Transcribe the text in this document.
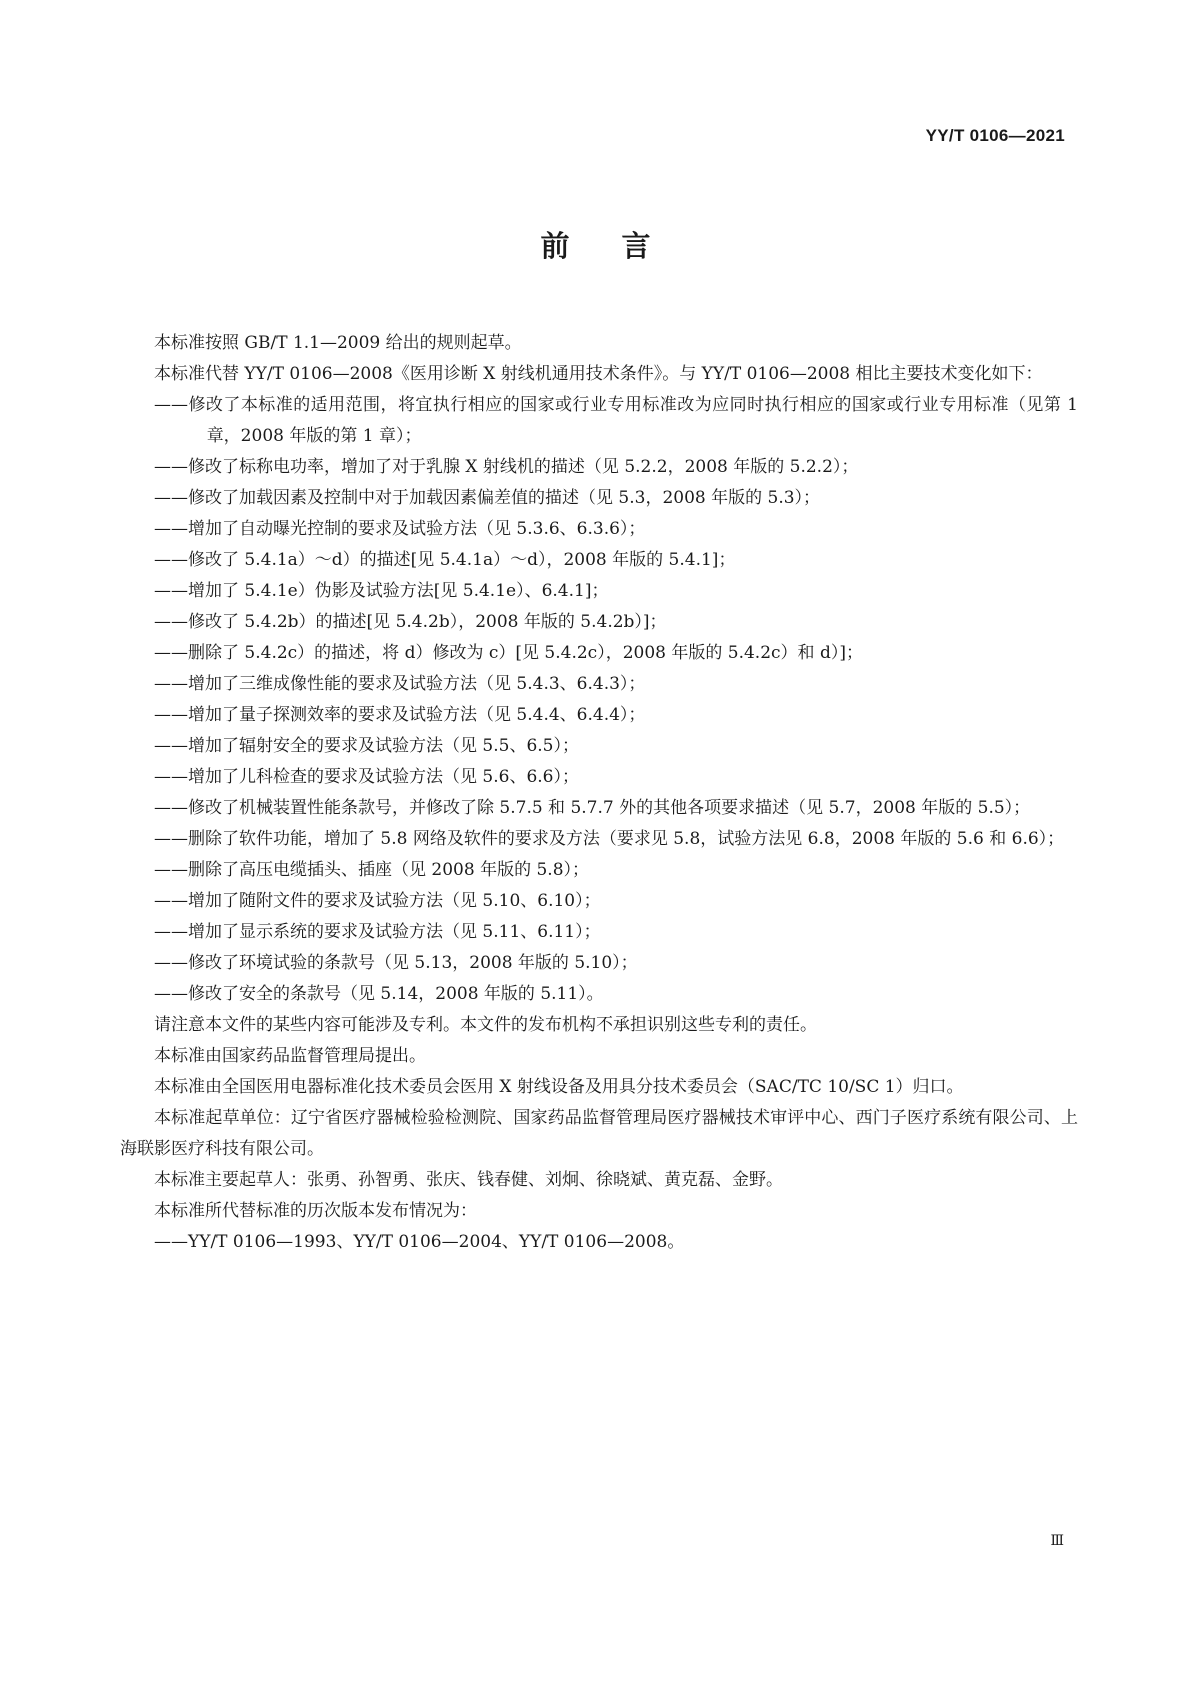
YY/T 0106—2021
前言

本标准按照 GB/T 1.1—2009 给出的规则起草。

本标准代替 YY/T 0106—2008《医用诊断 X 射线机通用技术条件》。与 YY/T 0106—2008 相比主要技术变化如下：

——修改了本标准的适用范围，将宜执行相应的国家或行业专用标准改为应同时执行相应的国家或行业专用标准（见第 1 章，2008 年版的第 1 章）；

——修改了标称电功率，增加了对于乳腺 X 射线机的描述（见 5.2.2，2008 年版的 5.2.2）；

——修改了加载因素及控制中对于加载因素偏差值的描述（见 5.3，2008 年版的 5.3）；

——增加了自动曝光控制的要求及试验方法（见 5.3.6、6.3.6）；

——修改了 5.4.1a）～d）的描述[见 5.4.1a）～d），2008 年版的 5.4.1]；

——增加了 5.4.1e）伪影及试验方法[见 5.4.1e）、6.4.1]；

——修改了 5.4.2b）的描述[见 5.4.2b），2008 年版的 5.4.2b）]；

——删除了 5.4.2c）的描述，将 d）修改为 c）[见 5.4.2c），2008 年版的 5.4.2c）和 d）]；

——增加了三维成像性能的要求及试验方法（见 5.4.3、6.4.3）；

——增加了量子探测效率的要求及试验方法（见 5.4.4、6.4.4）；

——增加了辐射安全的要求及试验方法（见 5.5、6.5）；

——增加了儿科检查的要求及试验方法（见 5.6、6.6）；

——修改了机械装置性能条款号，并修改了除 5.7.5 和 5.7.7 外的其他各项要求描述（见 5.7，2008 年版的 5.5）；

——删除了软件功能，增加了 5.8 网络及软件的要求及方法（要求见 5.8，试验方法见 6.8，2008 年版的 5.6 和 6.6）；

——删除了高压电缆插头、插座（见 2008 年版的 5.8）；

——增加了随附文件的要求及试验方法（见 5.10、6.10）；

——增加了显示系统的要求及试验方法（见 5.11、6.11）；

——修改了环境试验的条款号（见 5.13，2008 年版的 5.10）；

——修改了安全的条款号（见 5.14，2008 年版的 5.11）。

请注意本文件的某些内容可能涉及专利。本文件的发布机构不承担识别这些专利的责任。

本标准由国家药品监督管理局提出。

本标准由全国医用电器标准化技术委员会医用 X 射线设备及用具分技术委员会（SAC/TC 10/SC 1）归口。

本标准起草单位：辽宁省医疗器械检验检测院、国家药品监督管理局医疗器械技术审评中心、西门子医疗系统有限公司、上海联影医疗科技有限公司。

本标准主要起草人：张勇、孙智勇、张庆、钱春健、刘炯、徐晓斌、黄克磊、金野。

本标准所代替标准的历次版本发布情况为：

——YY/T 0106—1993、YY/T 0106—2004、YY/T 0106—2008。

Ⅲ
